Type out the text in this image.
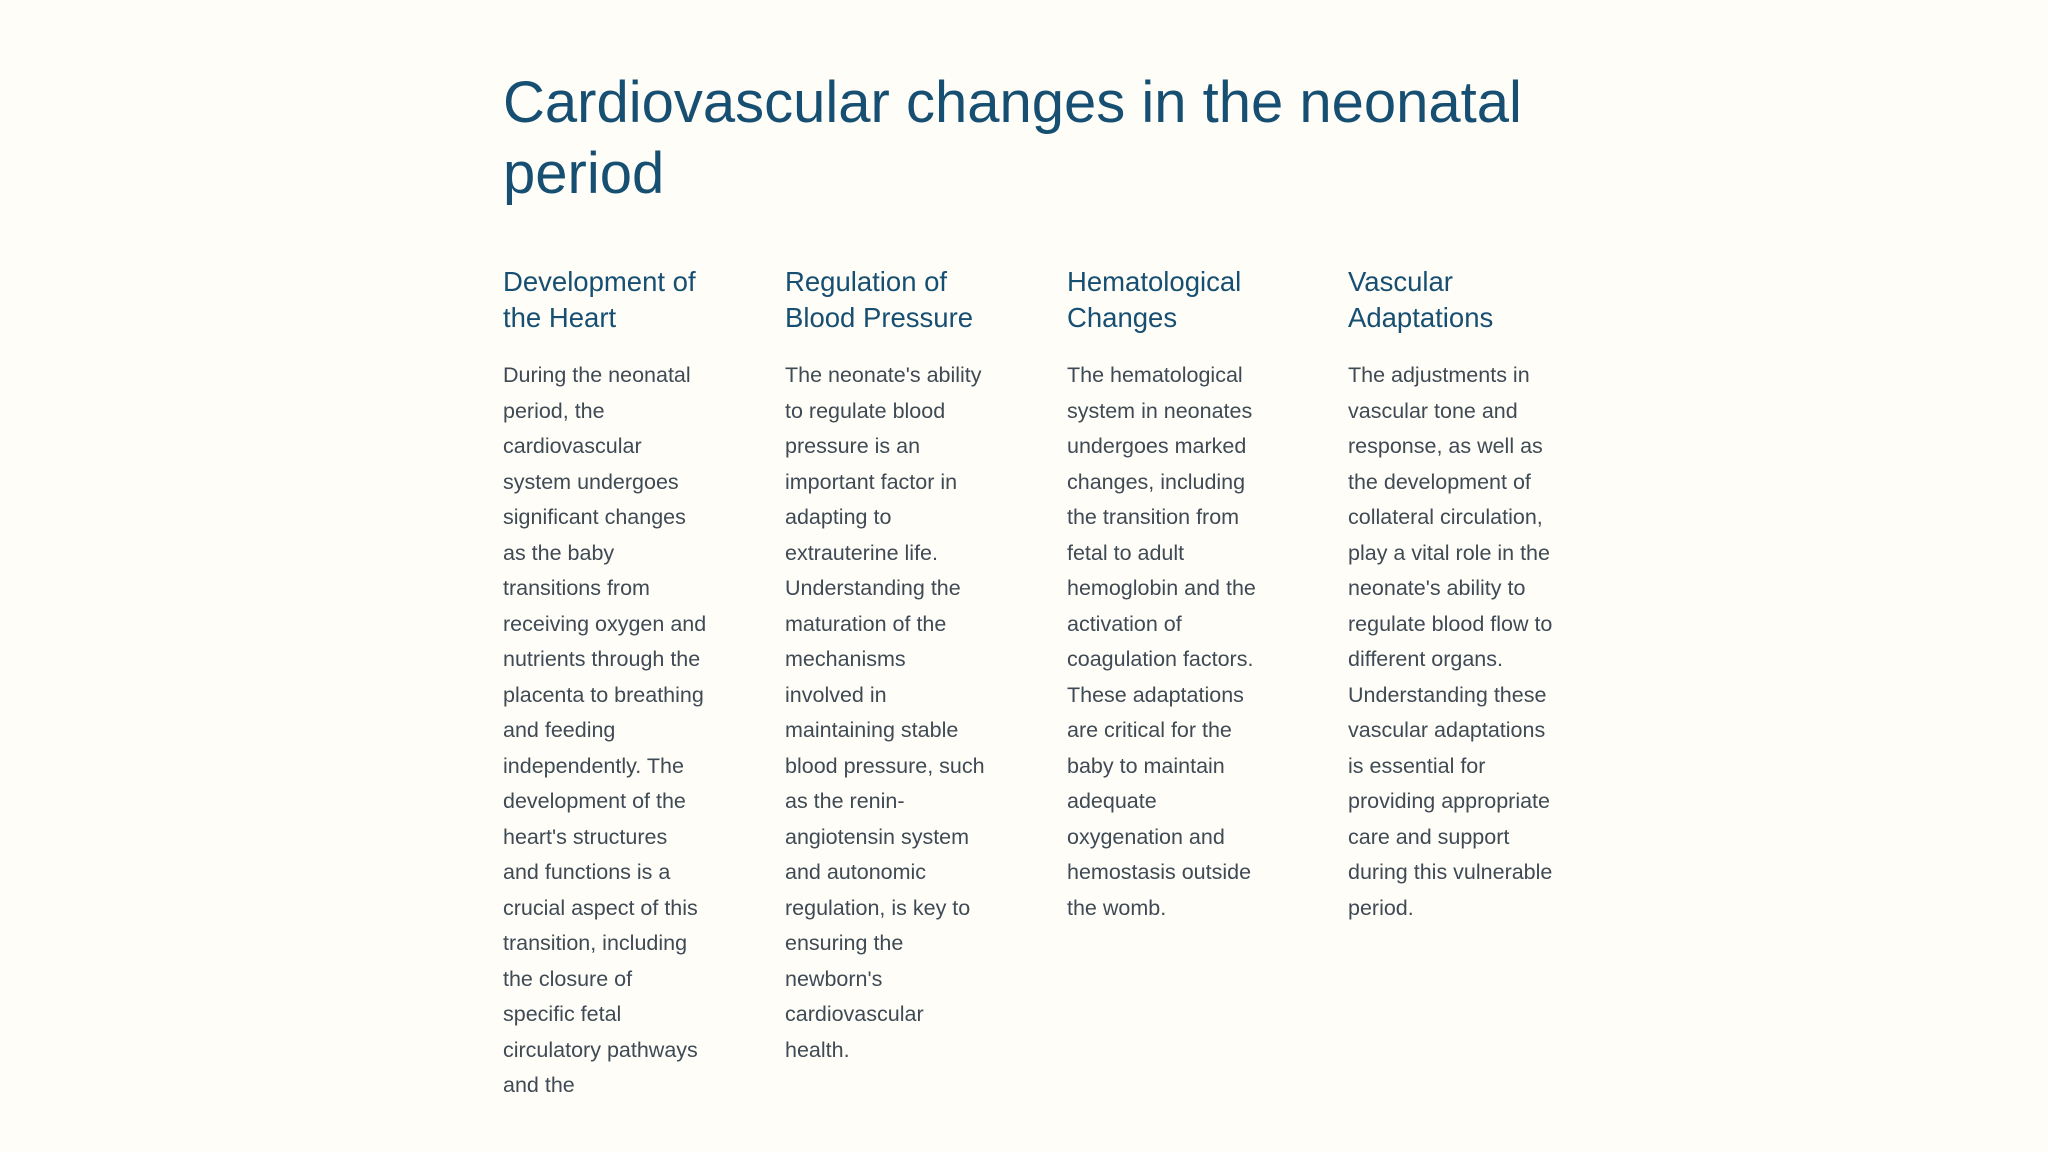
Cardiovascular changes in the neonatal period
Development of the Heart

During the neonatal period, the cardiovascular system undergoes significant changes as the baby transitions from receiving oxygen and nutrients through the placenta to breathing and feeding independently. The development of the heart's structures and functions is a crucial aspect of this transition, including the closure of specific fetal circulatory pathways and the

Regulation of Blood Pressure

The neonate's ability to regulate blood pressure is an important factor in adapting to extrauterine life. Understanding the maturation of the mechanisms involved in maintaining stable blood pressure, such as the renin-angiotensin system and autonomic regulation, is key to ensuring the newborn's cardiovascular health.

Hematological Changes

The hematological system in neonates undergoes marked changes, including the transition from fetal to adult hemoglobin and the activation of coagulation factors. These adaptations are critical for the baby to maintain adequate oxygenation and hemostasis outside the womb.

Vascular Adaptations

The adjustments in vascular tone and response, as well as the development of collateral circulation, play a vital role in the neonate's ability to regulate blood flow to different organs. Understanding these vascular adaptations is essential for providing appropriate care and support during this vulnerable period.
